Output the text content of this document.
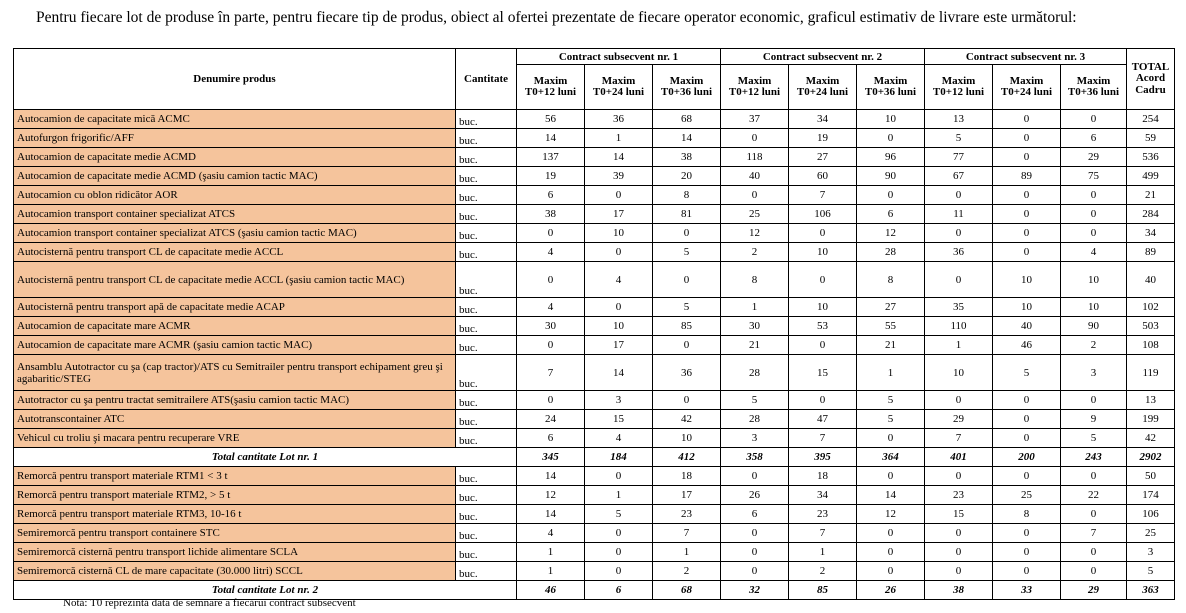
Pentru fiecare lot de produse în parte, pentru fiecare tip de produs, obiect al ofertei prezentate de fiecare operator economic, graficul estimativ de livrare este următorul:

Denumire produs	Cantitate	Contract subsecvent nr. 1			Contract subsecvent nr. 2			Contract subsecvent nr. 3			TOTAL Acord Cadru
		Maxim T0+12 luni	Maxim T0+24 luni	Maxim T0+36 luni	Maxim T0+12 luni	Maxim T0+24 luni	Maxim T0+36 luni	Maxim T0+12 luni	Maxim T0+24 luni	Maxim T0+36 luni	
Autocamion de capacitate mică ACMC	buc.	56	36	68	37	34	10	13	0	0	254
Autofurgon frigorific/AFF	buc.	14	1	14	0	19	0	5	0	6	59
Autocamion de capacitate medie ACMD	buc.	137	14	38	118	27	96	77	0	29	536
Autocamion de capacitate medie ACMD (şasiu camion tactic MAC)	buc.	19	39	20	40	60	90	67	89	75	499
Autocamion cu oblon ridicător AOR	buc.	6	0	8	0	7	0	0	0	0	21
Autocamion transport container specializat ATCS	buc.	38	17	81	25	106	6	11	0	0	284
Autocamion transport container specializat ATCS (şasiu camion tactic MAC)	buc.	0	10	0	12	0	12	0	0	0	34
Autocisternă pentru transport CL de capacitate medie ACCL	buc.	4	0	5	2	10	28	36	0	4	89
Autocisternă pentru transport CL de capacitate medie ACCL (şasiu camion tactic MAC)	buc.	0	4	0	8	0	8	0	10	10	40
Autocisternă pentru transport apă de capacitate medie ACAP	buc.	4	0	5	1	10	27	35	10	10	102
Autocamion de capacitate mare ACMR	buc.	30	10	85	30	53	55	110	40	90	503
Autocamion de capacitate mare ACMR (şasiu camion tactic MAC)	buc.	0	17	0	21	0	21	1	46	2	108
Ansamblu Autotractor cu şa (cap tractor)/ATS cu Semitrailer pentru transport echipament greu şi agabaritic/STEG	buc.	7	14	36	28	15	1	10	5	3	119
Autotractor cu şa pentru tractat semitrailere ATS(şasiu camion tactic MAC)	buc.	0	3	0	5	0	5	0	0	0	13
Autotranscontainer ATC	buc.	24	15	42	28	47	5	29	0	9	199
Vehicul cu troliu şi macara pentru recuperare VRE	buc.	6	4	10	3	7	0	7	0	5	42
Total cantitate Lot nr. 1		345	184	412	358	395	364	401	200	243	2902
Remorcă pentru transport materiale RTM1 < 3 t	buc.	14	0	18	0	18	0	0	0	0	50
Remorcă pentru transport materiale RTM2, > 5 t	buc.	12	1	17	26	34	14	23	25	22	174
Remorcă pentru transport materiale RTM3, 10-16 t	buc.	14	5	23	6	23	12	15	8	0	106
Semiremorcă pentru transport containere STC	buc.	4	0	7	0	7	0	0	0	7	25
Semiremorcă cisternă pentru transport lichide alimentare SCLA	buc.	1	0	1	0	1	0	0	0	0	3
Semiremorcă cisternă CL de mare capacitate (30.000 litri) SCCL	buc.	1	0	2	0	2	0	0	0	0	5
Total cantitate Lot nr. 2		46	6	68	32	85	26	38	33	29	363

Notă: T0 reprezintă data de semnare a fiecărui contract subsecvent
